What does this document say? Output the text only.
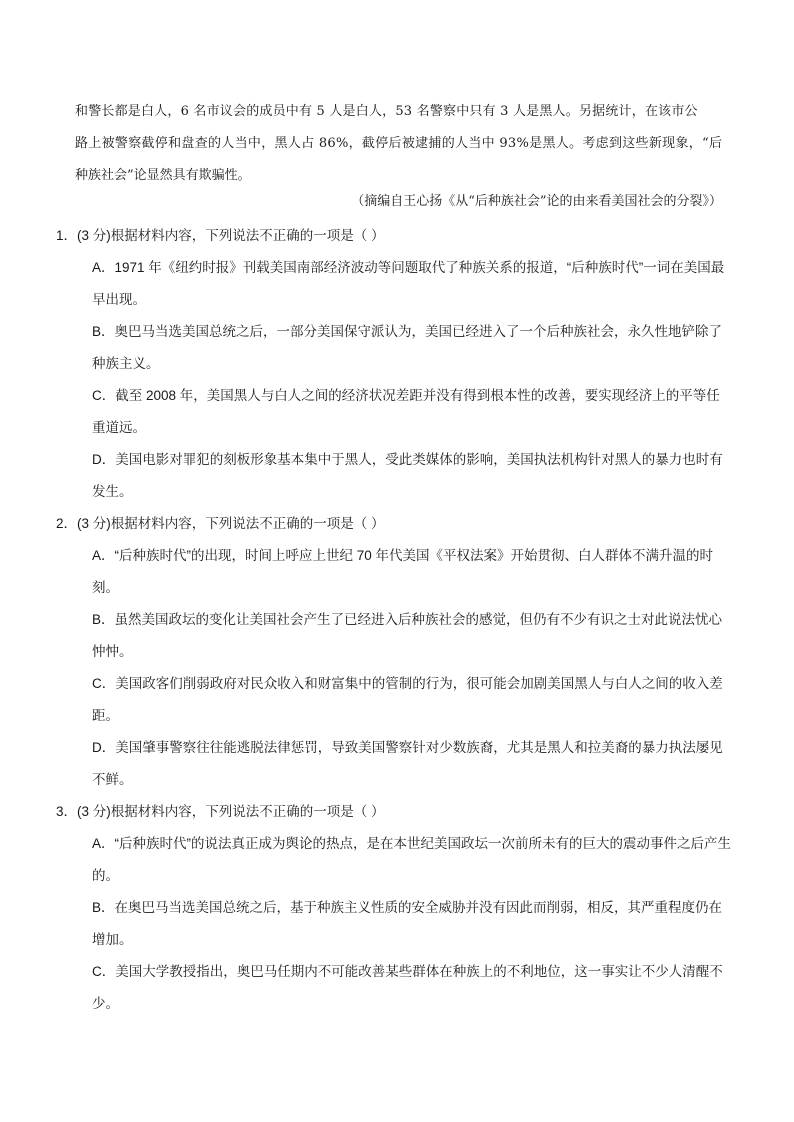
和警长都是白人，6 名市议会的成员中有 5 人是白人，53 名警察中只有 3 人是黑人。另据统计，在该市公

路上被警察截停和盘查的人当中，黑人占 86%，截停后被逮捕的人当中 93%是黑人。考虑到这些新现象，“后

种族社会”论显然具有欺骗性。

（摘编自王心扬《从“后种族社会”论的由来看美国社会的分裂》）
1．(3 分)根据材料内容，下列说法不正确的一项是（ ）
A．1971 年《纽约时报》刊载美国南部经济波动等问题取代了种族关系的报道，“后种族时代”一词在美国最早出现。
B．奥巴马当选美国总统之后，一部分美国保守派认为，美国已经进入了一个后种族社会，永久性地铲除了种族主义。
C．截至 2008 年，美国黑人与白人之间的经济状况差距并没有得到根本性的改善，要实现经济上的平等任重道远。
D．美国电影对罪犯的刻板形象基本集中于黑人，受此类媒体的影响，美国执法机构针对黑人的暴力也时有发生。
2．(3 分)根据材料内容，下列说法不正确的一项是（ ）
A．“后种族时代”的出现，时间上呼应上世纪 70 年代美国《平权法案》开始贯彻、白人群体不满升温的时刻。
B．虽然美国政坛的变化让美国社会产生了已经进入后种族社会的感觉，但仍有不少有识之士对此说法忧心忡忡。
C．美国政客们削弱政府对民众收入和财富集中的管制的行为，很可能会加剧美国黑人与白人之间的收入差距。
D．美国肇事警察往往能逃脱法律惩罚，导致美国警察针对少数族裔，尤其是黑人和拉美裔的暴力执法屡见不鲜。
3．(3 分)根据材料内容，下列说法不正确的一项是（ ）
A．“后种族时代”的说法真正成为舆论的热点，是在本世纪美国政坛一次前所未有的巨大的震动事件之后产生的。
B．在奥巴马当选美国总统之后，基于种族主义性质的安全威胁并没有因此而削弱，相反，其严重程度仍在增加。
C．美国大学教授指出，奥巴马任期内不可能改善某些群体在种族上的不利地位，这一事实让不少人清醒不少。
